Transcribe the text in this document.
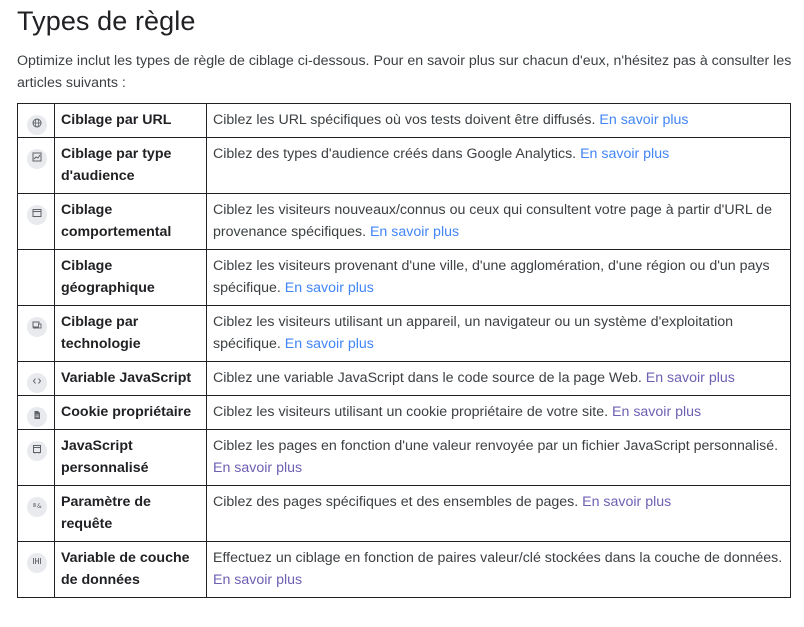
Types de règle

Optimize inclut les types de règle de ciblage ci-dessous. Pour en savoir plus sur chacun d'eux, n'hésitez pas à consulter les articles suivants :

	Ciblage par URL	Ciblez les URL spécifiques où vos tests doivent être diffusés. En savoir plus
	Ciblage par type d'audience	Ciblez des types d'audience créés dans Google Analytics. En savoir plus
	Ciblage comportemental	Ciblez les visiteurs nouveaux/connus ou ceux qui consultent votre page à partir d'URL de provenance spécifiques. En savoir plus
	Ciblage géographique	Ciblez les visiteurs provenant d'une ville, d'une agglomération, d'une région ou d'un pays spécifique. En savoir plus
	Ciblage par technologie	Ciblez les visiteurs utilisant un appareil, un navigateur ou un système d'exploitation spécifique. En savoir plus
	Variable JavaScript	Ciblez une variable JavaScript dans le code source de la page Web. En savoir plus
	Cookie propriétaire	Ciblez les visiteurs utilisant un cookie propriétaire de votre site. En savoir plus
	JavaScript personnalisé	Ciblez les pages en fonction d'une valeur renvoyée par un fichier JavaScript personnalisé. En savoir plus

&	Paramètre de requête	Ciblez des pages spécifiques et des ensembles de pages. En savoir plus
	Variable de couche de données	Effectuez un ciblage en fonction de paires valeur/clé stockées dans la couche de données. En savoir plus
